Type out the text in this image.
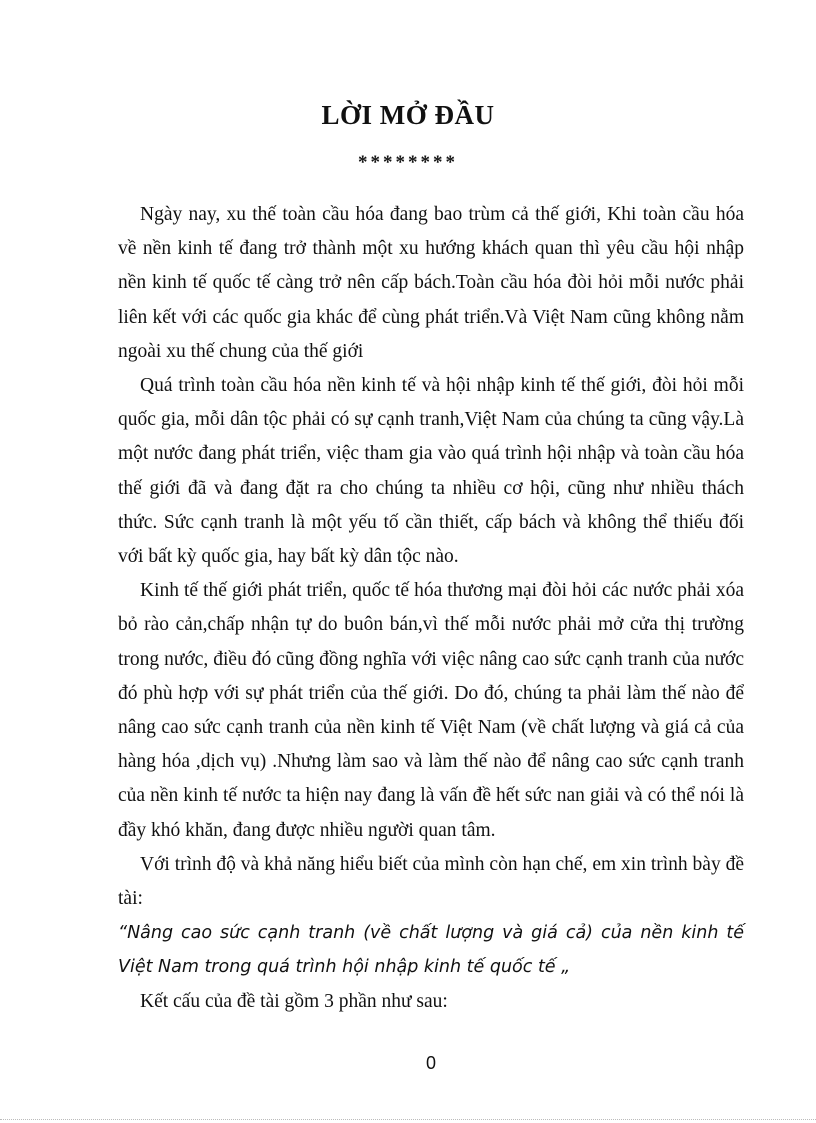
LỜI MỞ ĐẦU
********

Ngày nay, xu thế toàn cầu hóa đang bao trùm cả thế giới, Khi toàn cầu hóa về nền kinh tế đang trở thành một xu hướng khách quan thì yêu cầu hội nhập nền kinh tế quốc tế càng trở nên cấp bách.Toàn cầu hóa đòi hỏi mỗi nước phải liên kết với các quốc gia khác để cùng phát triển.Và Việt Nam cũng không nằm ngoài xu thế chung của thế giới

Quá trình toàn cầu hóa nền kinh tế và hội nhập kinh tế thế giới, đòi hỏi mỗi quốc gia, mỗi dân tộc phải có sự cạnh tranh,Việt Nam của chúng ta cũng vậy.Là một nước đang phát triển, việc tham gia vào quá trình hội nhập và toàn cầu hóa thế giới đã và đang đặt ra cho chúng ta nhiều cơ hội, cũng như nhiều thách thức. Sức cạnh tranh là một yếu tố cần thiết, cấp bách và không thể thiếu đối với bất kỳ quốc gia, hay bất kỳ dân tộc nào.

Kinh tế thế giới phát triển, quốc tế hóa thương mại đòi hỏi các nước phải xóa bỏ rào cản,chấp nhận tự do buôn bán,vì thế mỗi nước phải mở cửa thị trường trong nước, điều đó cũng đồng nghĩa với việc nâng cao sức cạnh tranh của nước đó phù hợp với sự phát triển của thế giới. Do đó, chúng ta phải làm thế nào để nâng cao sức cạnh tranh của nền kinh tế Việt Nam (về chất lượng và giá cả của hàng hóa ,dịch vụ) .Nhưng làm sao và làm thế nào để nâng cao sức cạnh tranh của nền kinh tế nước ta hiện nay đang là vấn đề hết sức nan giải và có thể nói là đầy khó khăn, đang được nhiều người quan tâm.

Với trình độ và khả năng hiểu biết của mình còn hạn chế, em xin trình bày đề tài:

“Nâng cao sức cạnh tranh (về chất lượng và giá cả) của nền kinh tế Việt Nam trong quá trình hội nhập kinh tế quốc tế „

Kết cấu của đề tài gồm 3 phần như sau:

0
